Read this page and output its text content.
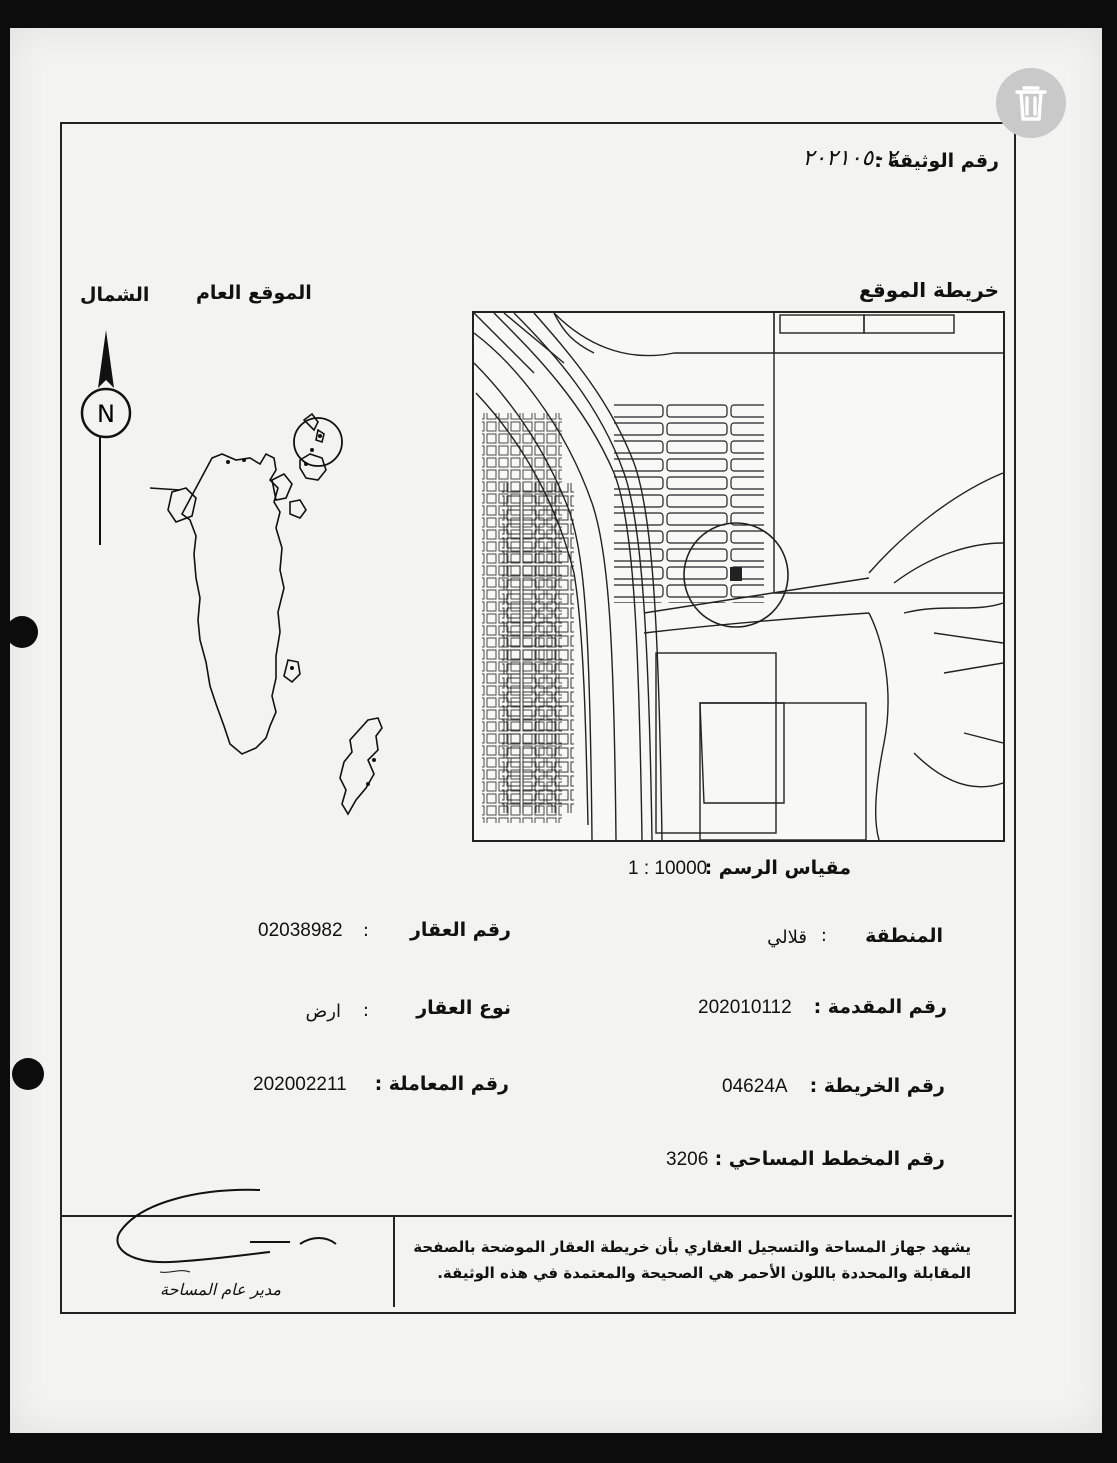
رقم الوثيقة :
٢٠٢١٠٥٠٢
خريطة الموقع
الموقع العام
الشمال
N
مقياس الرسم :
1 : 10000
المنطقة
:
قلالي
رقم المقدمة :
202010112
رقم الخريطة :
04624A
رقم المخطط المساحي :
3206
رقم العقار
:
02038982
نوع العقار
:
ارض
رقم المعاملة :
202002211
يشهد جهاز المساحة والتسجيل العقاري بأن خريطة العقار الموضحة بالصفحة
المقابلة والمحددة باللون الأحمر هي الصحيحة والمعتمدة في هذه الوثيقة.
مدير عام المساحة
